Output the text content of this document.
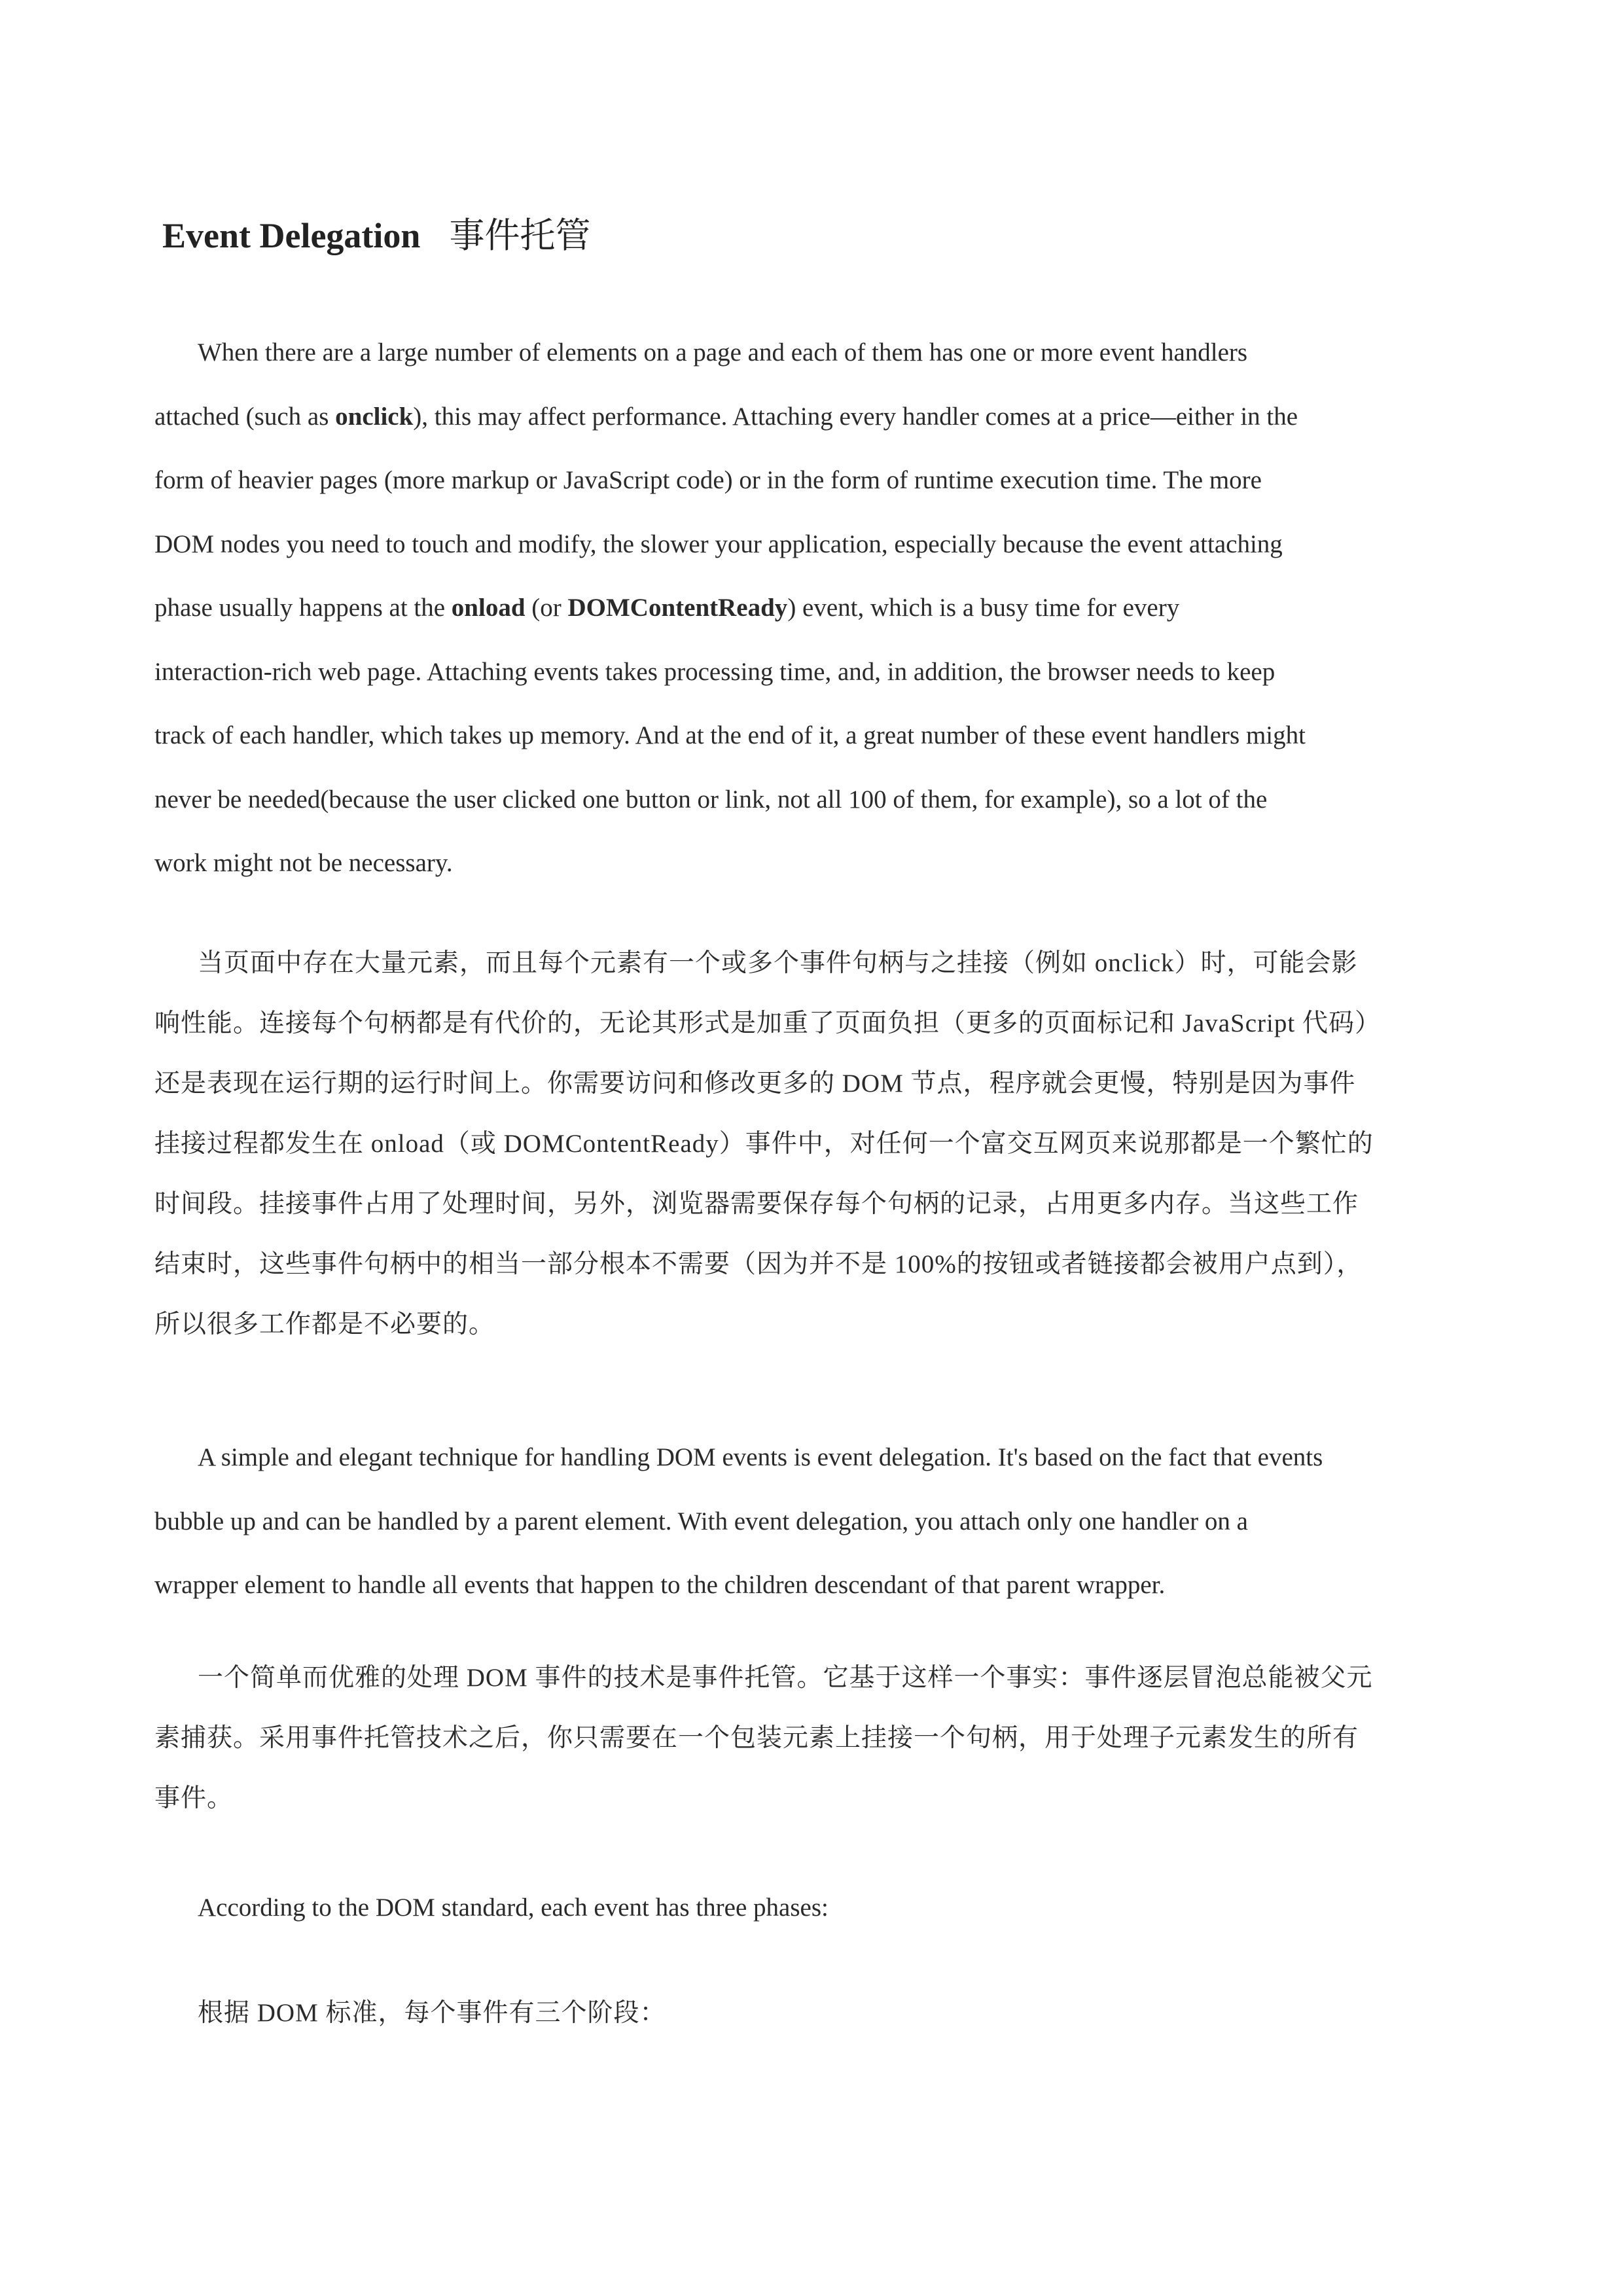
Event Delegation 事件托管
When there are a large number of elements on a page and each of them has one or more event handlers
attached (such as onclick), this may affect performance. Attaching every handler comes at a price—either in the
form of heavier pages (more markup or JavaScript code) or in the form of runtime execution time. The more
DOM nodes you need to touch and modify, the slower your application, especially because the event attaching
phase usually happens at the onload (or DOMContentReady) event, which is a busy time for every
interaction-rich web page. Attaching events takes processing time, and, in addition, the browser needs to keep
track of each handler, which takes up memory. And at the end of it, a great number of these event handlers might
never be needed(because the user clicked one button or link, not all 100 of them, for example), so a lot of the
work might not be necessary.
当页面中存在大量元素，而且每个元素有一个或多个事件句柄与之挂接（例如 onclick）时，可能会影
响性能。连接每个句柄都是有代价的，无论其形式是加重了页面负担（更多的页面标记和 JavaScript 代码）
还是表现在运行期的运行时间上。你需要访问和修改更多的 DOM 节点，程序就会更慢，特别是因为事件
挂接过程都发生在 onload（或 DOMContentReady）事件中，对任何一个富交互网页来说那都是一个繁忙的
时间段。挂接事件占用了处理时间，另外，浏览器需要保存每个句柄的记录，占用更多内存。当这些工作
结束时，这些事件句柄中的相当一部分根本不需要（因为并不是 100%的按钮或者链接都会被用户点到），
所以很多工作都是不必要的。
A simple and elegant technique for handling DOM events is event delegation. It's based on the fact that events
bubble up and can be handled by a parent element. With event delegation, you attach only one handler on a
wrapper element to handle all events that happen to the children descendant of that parent wrapper.
一个简单而优雅的处理 DOM 事件的技术是事件托管。它基于这样一个事实：事件逐层冒泡总能被父元
素捕获。采用事件托管技术之后，你只需要在一个包装元素上挂接一个句柄，用于处理子元素发生的所有
事件。
According to the DOM standard, each event has three phases:
根据 DOM 标准，每个事件有三个阶段：
